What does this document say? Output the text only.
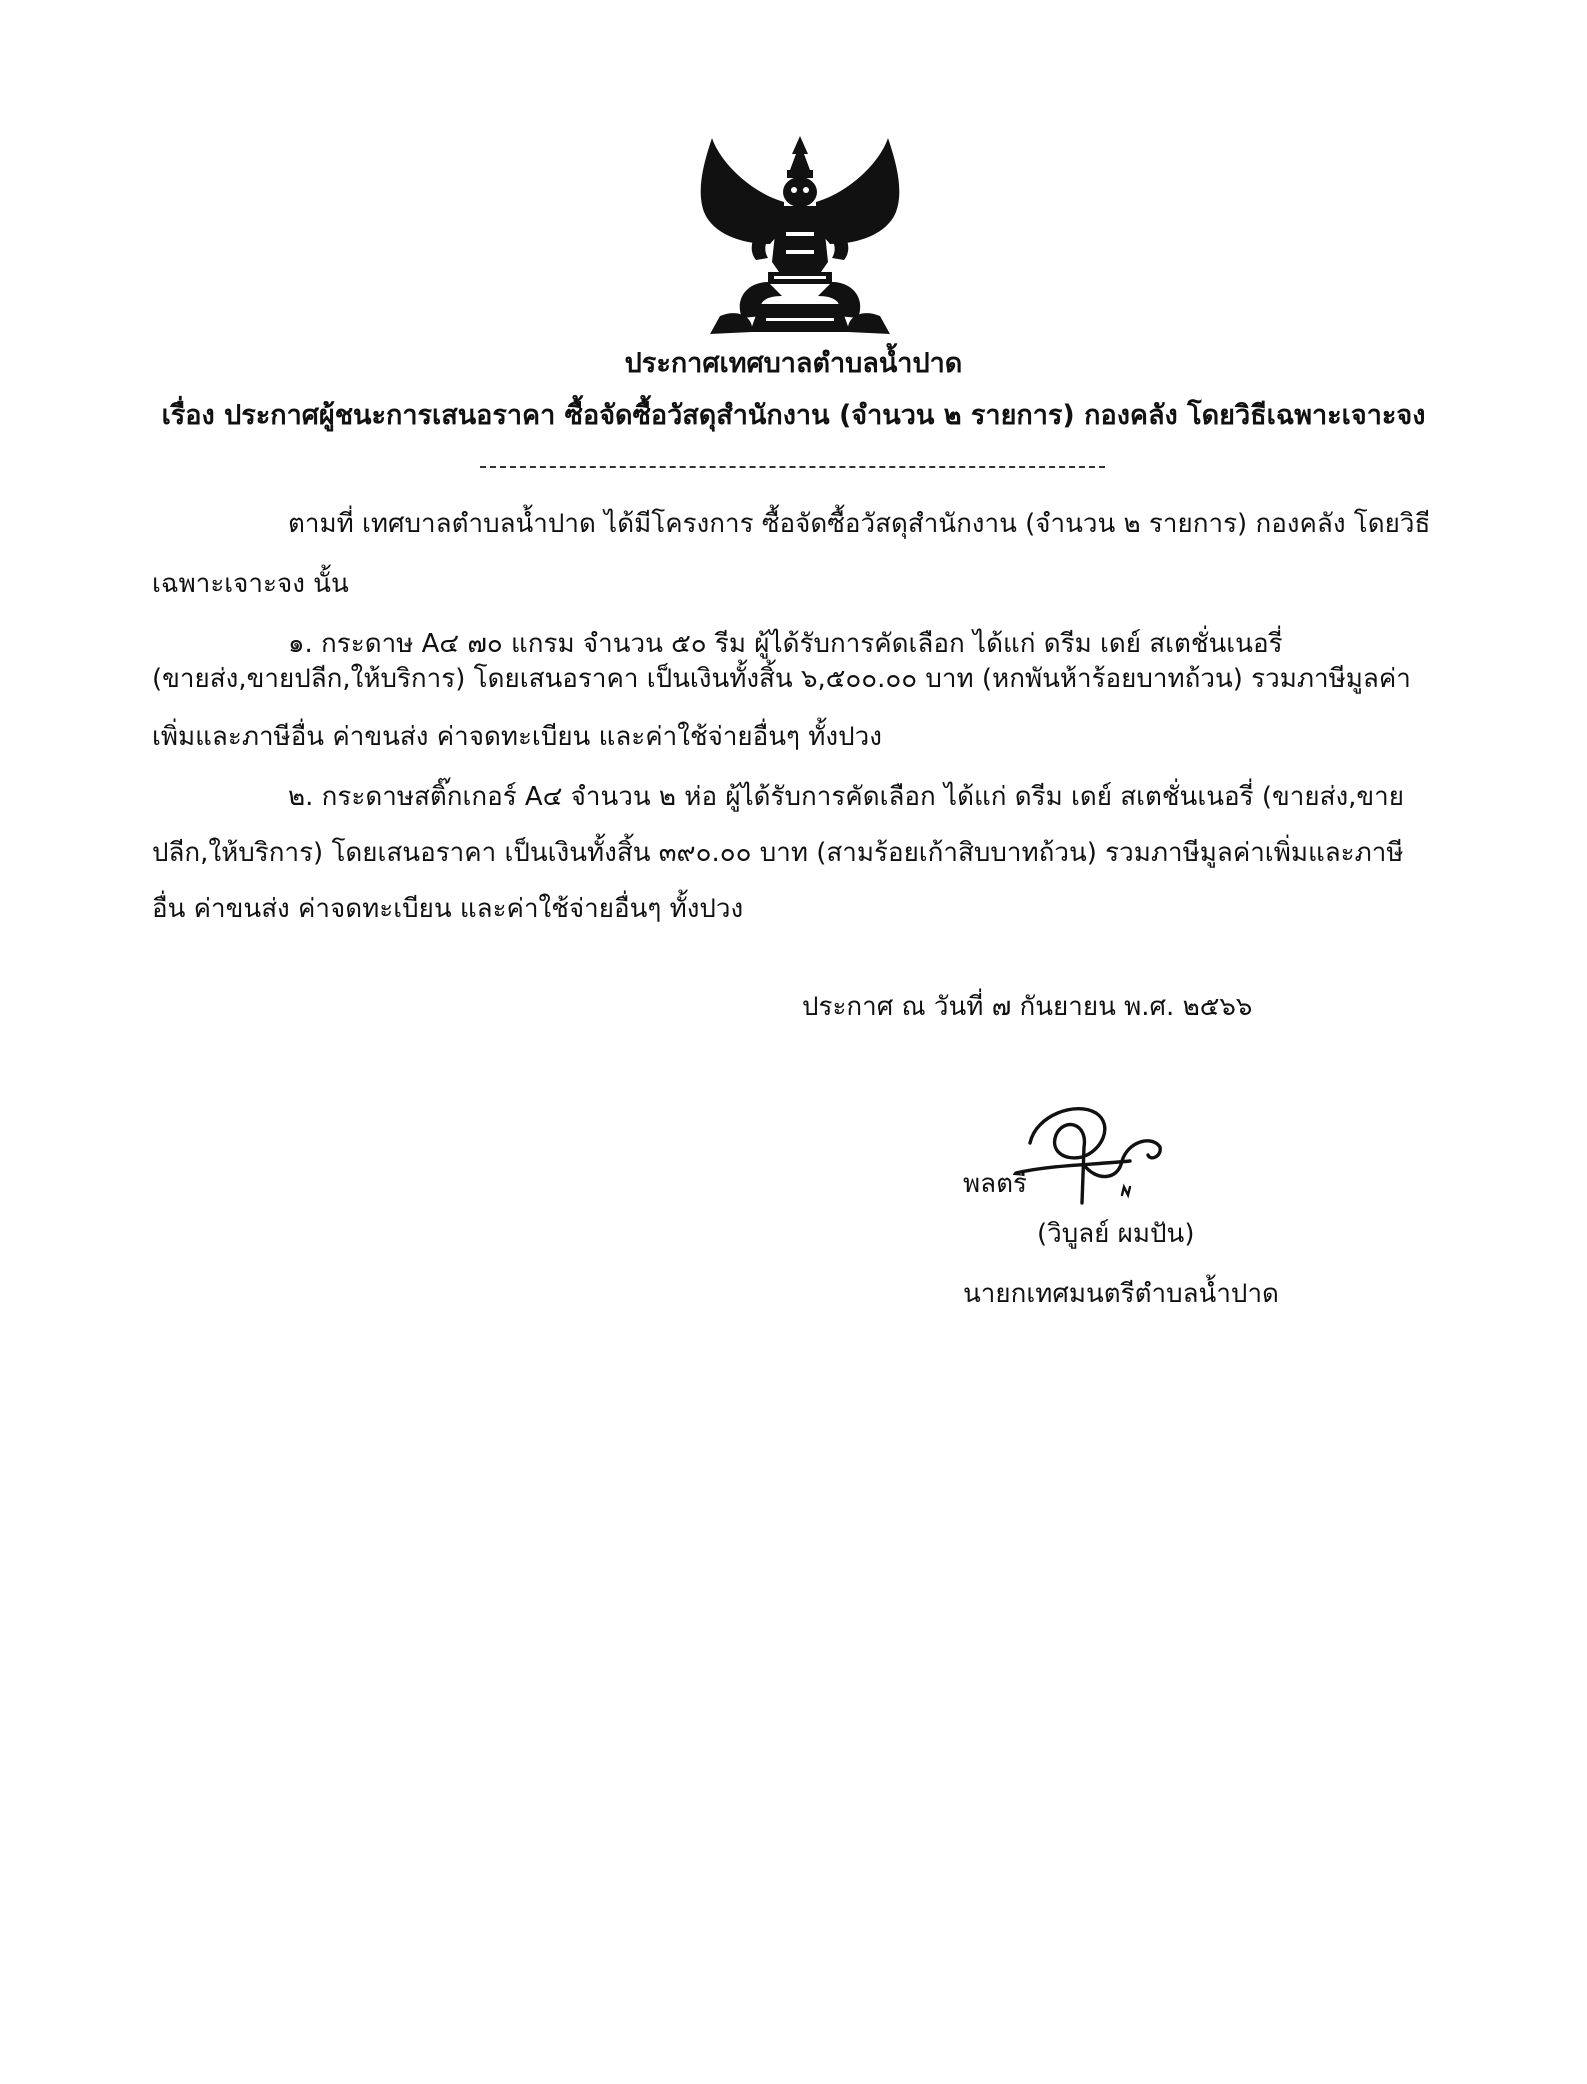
ประกาศเทศบาลตำบลน้ำปาด
เรื่อง ประกาศผู้ชนะการเสนอราคา ซื้อจัดซื้อวัสดุสำนักงาน (จำนวน ๒ รายการ) กองคลัง โดยวิธีเฉพาะเจาะจง
ตามที่ เทศบาลตำบลน้ำปาด ได้มีโครงการ ซื้อจัดซื้อวัสดุสำนักงาน (จำนวน ๒ รายการ) กองคลัง โดยวิธี
เฉพาะเจาะจง นั้น
๑. กระดาษ A๔ ๗๐ แกรม จำนวน ๕๐ รีม ผู้ได้รับการคัดเลือก ได้แก่ ดรีม เดย์ สเตชั่นเนอรี่
(ขายส่ง,ขายปลีก,ให้บริการ) โดยเสนอราคา เป็นเงินทั้งสิ้น ๖,๕๐๐.๐๐ บาท (หกพันห้าร้อยบาทถ้วน) รวมภาษีมูลค่า
เพิ่มและภาษีอื่น ค่าขนส่ง ค่าจดทะเบียน และค่าใช้จ่ายอื่นๆ ทั้งปวง
๒. กระดาษสติ๊กเกอร์ A๔ จำนวน ๒ ห่อ ผู้ได้รับการคัดเลือก ได้แก่ ดรีม เดย์ สเตชั่นเนอรี่ (ขายส่ง,ขาย
ปลีก,ให้บริการ) โดยเสนอราคา เป็นเงินทั้งสิ้น ๓๙๐.๐๐ บาท (สามร้อยเก้าสิบบาทถ้วน) รวมภาษีมูลค่าเพิ่มและภาษี
อื่น ค่าขนส่ง ค่าจดทะเบียน และค่าใช้จ่ายอื่นๆ ทั้งปวง
ประกาศ ณ วันที่ ๗ กันยายน พ.ศ. ๒๕๖๖
พลตรี
(วิบูลย์ ผมปัน)
นายกเทศมนตรีตำบลน้ำปาด
